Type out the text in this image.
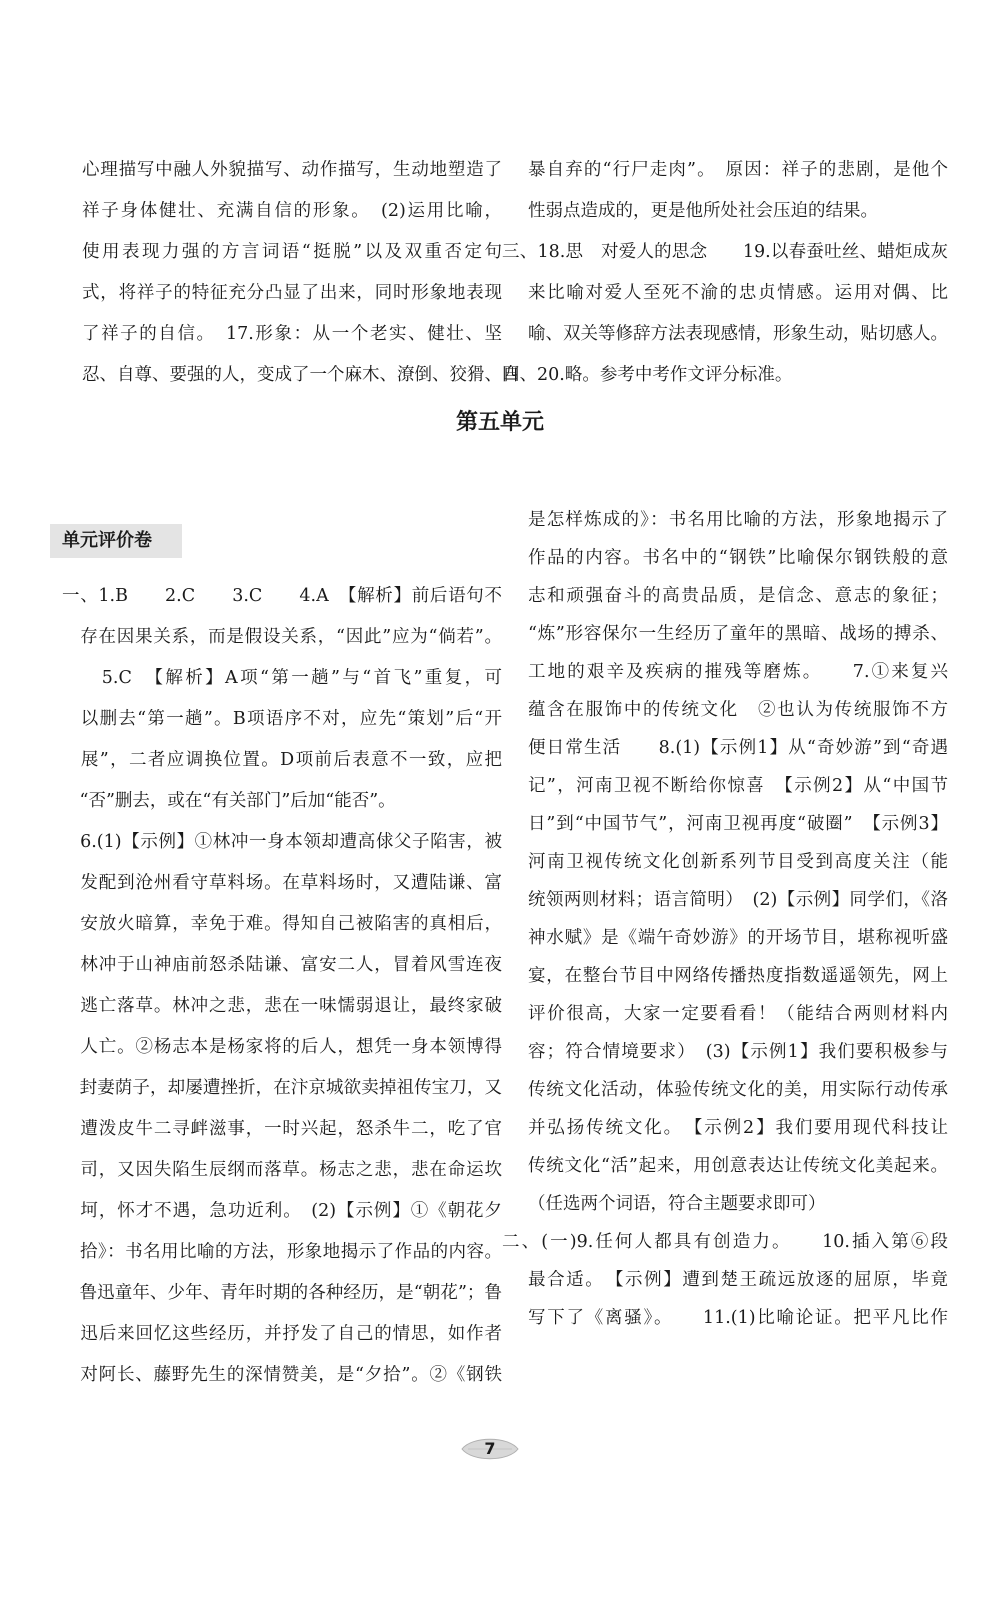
心理描写中融人外貌描写、动作描写，生动地塑造了
祥子身体健壮、充满自信的形象。　(2)运用比喻，
使用表现力强的方言词语“挺脱”以及双重否定句
式，将祥子的特征充分凸显了出来，同时形象地表现
了祥子的自信。　17.形象：从一个老实、健壮、坚
忍、自尊、要强的人，变成了一个麻木、潦倒、狡猾、自
暴自弃的“行尸走肉”。　原因：祥子的悲剧，是他个
性弱点造成的，更是他所处社会压迫的结果。
三、18.思　对爱人的思念　　19.以春蚕吐丝、蜡炬成灰
来比喻对爱人至死不渝的忠贞情感。运用对偶、比
喻、双关等修辞方法表现感情，形象生动，贴切感人。
四、20.略。参考中考作文评分标准。
第五单元
单元评价卷
一、1.B　　2.C　　3.C　　4.A　【解析】前后语句不
　存在因果关系，而是假设关系，“因此”应为“倘若”。
　　5.C　【解析】A项“第一趟”与“首飞”重复，可
　以删去“第一趟”。B项语序不对，应先“策划”后“开
　展”，二者应调换位置。D项前后表意不一致，应把
　“否”删去，或在“有关部门”后加“能否”。
　6.(1)【示例】①林冲一身本领却遭高俅父子陷害，被
　发配到沧州看守草料场。在草料场时，又遭陆谦、富
　安放火暗算，幸免于难。得知自己被陷害的真相后，
　林冲于山神庙前怒杀陆谦、富安二人，冒着风雪连夜
　逃亡落草。林冲之悲，悲在一味懦弱退让，最终家破
　人亡。②杨志本是杨家将的后人，想凭一身本领博得
　封妻荫子，却屡遭挫折，在汴京城欲卖掉祖传宝刀，又
　遭泼皮牛二寻衅滋事，一时兴起，怒杀牛二，吃了官
　司，又因失陷生辰纲而落草。杨志之悲，悲在命运坎
　坷，怀才不遇，急功近利。　(2)【示例】①《朝花夕
　拾》：书名用比喻的方法，形象地揭示了作品的内容。
　鲁迅童年、少年、青年时期的各种经历，是“朝花”；鲁
　迅后来回忆这些经历，并抒发了自己的情思，如作者
　对阿长、藤野先生的深情赞美，是“夕拾”。②《钢铁
是怎样炼成的》：书名用比喻的方法，形象地揭示了
作品的内容。书名中的“钢铁”比喻保尔钢铁般的意
志和顽强奋斗的高贵品质，是信念、意志的象征；
“炼”形容保尔一生经历了童年的黑暗、战场的搏杀、
工地的艰辛及疾病的摧残等磨炼。　　7.①来复兴
蕴含在服饰中的传统文化　②也认为传统服饰不方
便日常生活　　8.(1)【示例1】从“奇妙游”到“奇遇
记”，河南卫视不断给你惊喜　【示例2】从“中国节
日”到“中国节气”，河南卫视再度“破圈”　【示例3】
河南卫视传统文化创新系列节目受到高度关注（能
统领两则材料；语言简明）　(2)【示例】同学们，《洛
神水赋》是《端午奇妙游》的开场节目，堪称视听盛
宴，在整台节目中网络传播热度指数遥遥领先，网上
评价很高，大家一定要看看！（能结合两则材料内
容；符合情境要求）　(3)【示例1】我们要积极参与
传统文化活动，体验传统文化的美，用实际行动传承
并弘扬传统文化。　【示例2】我们要用现代科技让
传统文化“活”起来，用创意表达让传统文化美起来。
（任选两个词语，符合主题要求即可）
二、(一)9.任何人都具有创造力。　　10.插入第⑥段
最合适。　【示例】遭到楚王疏远放逐的屈原，毕竟
写下了《离骚》。　　11.(1)比喻论证。把平凡比作
7
